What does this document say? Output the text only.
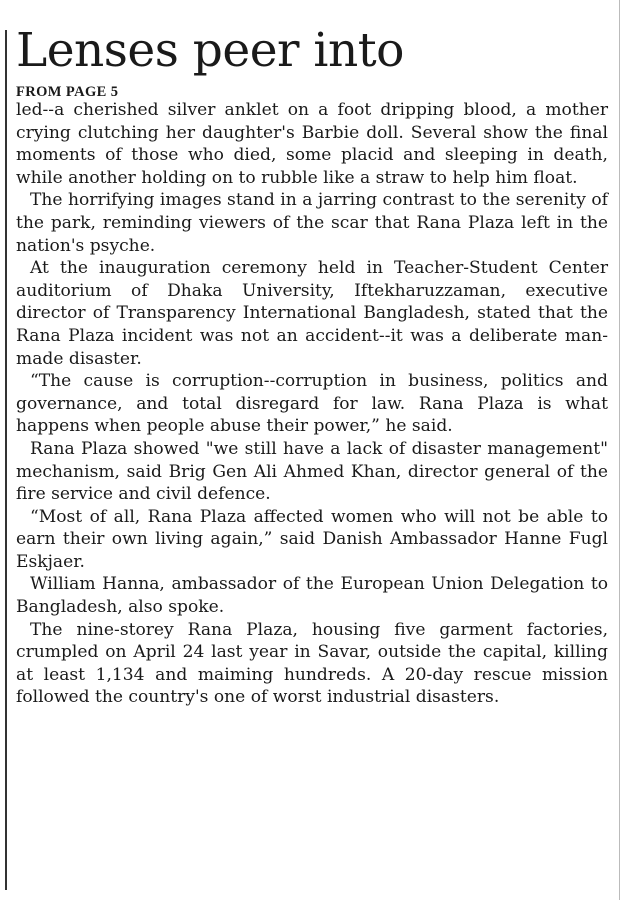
Lenses peer into
FROM PAGE 5

led--a cherished silver anklet on a foot dripping blood, a mother crying clutching her daughter's Barbie doll. Several show the final moments of those who died, some placid and sleeping in death, while another holding on to rubble like a straw to help him float.

The horrifying images stand in a jarring contrast to the serenity of the park, reminding viewers of the scar that Rana Plaza left in the nation's psyche.

At the inauguration ceremony held in Teacher-Student Center auditorium of Dhaka University, Iftekharuzzaman, executive director of Transparency International Bangladesh, stated that the Rana Plaza incident was not an accident--it was a deliberate man-made disaster.

“The cause is corruption--corruption in business, politics and governance, and total disregard for law. Rana Plaza is what happens when people abuse their power,” he said.

Rana Plaza showed "we still have a lack of disaster management" mechanism, said Brig Gen Ali Ahmed Khan, director general of the fire service and civil defence.

“Most of all, Rana Plaza affected women who will not be able to earn their own living again,” said Danish Ambassador Hanne Fugl Eskjaer.

William Hanna, ambassador of the European Union Delegation to Bangladesh, also spoke.

The nine-storey Rana Plaza, housing five garment factories, crumpled on April 24 last year in Savar, outside the capital, killing at least 1,134 and maiming hundreds. A 20-day rescue mission followed the country's one of worst industrial disasters.
